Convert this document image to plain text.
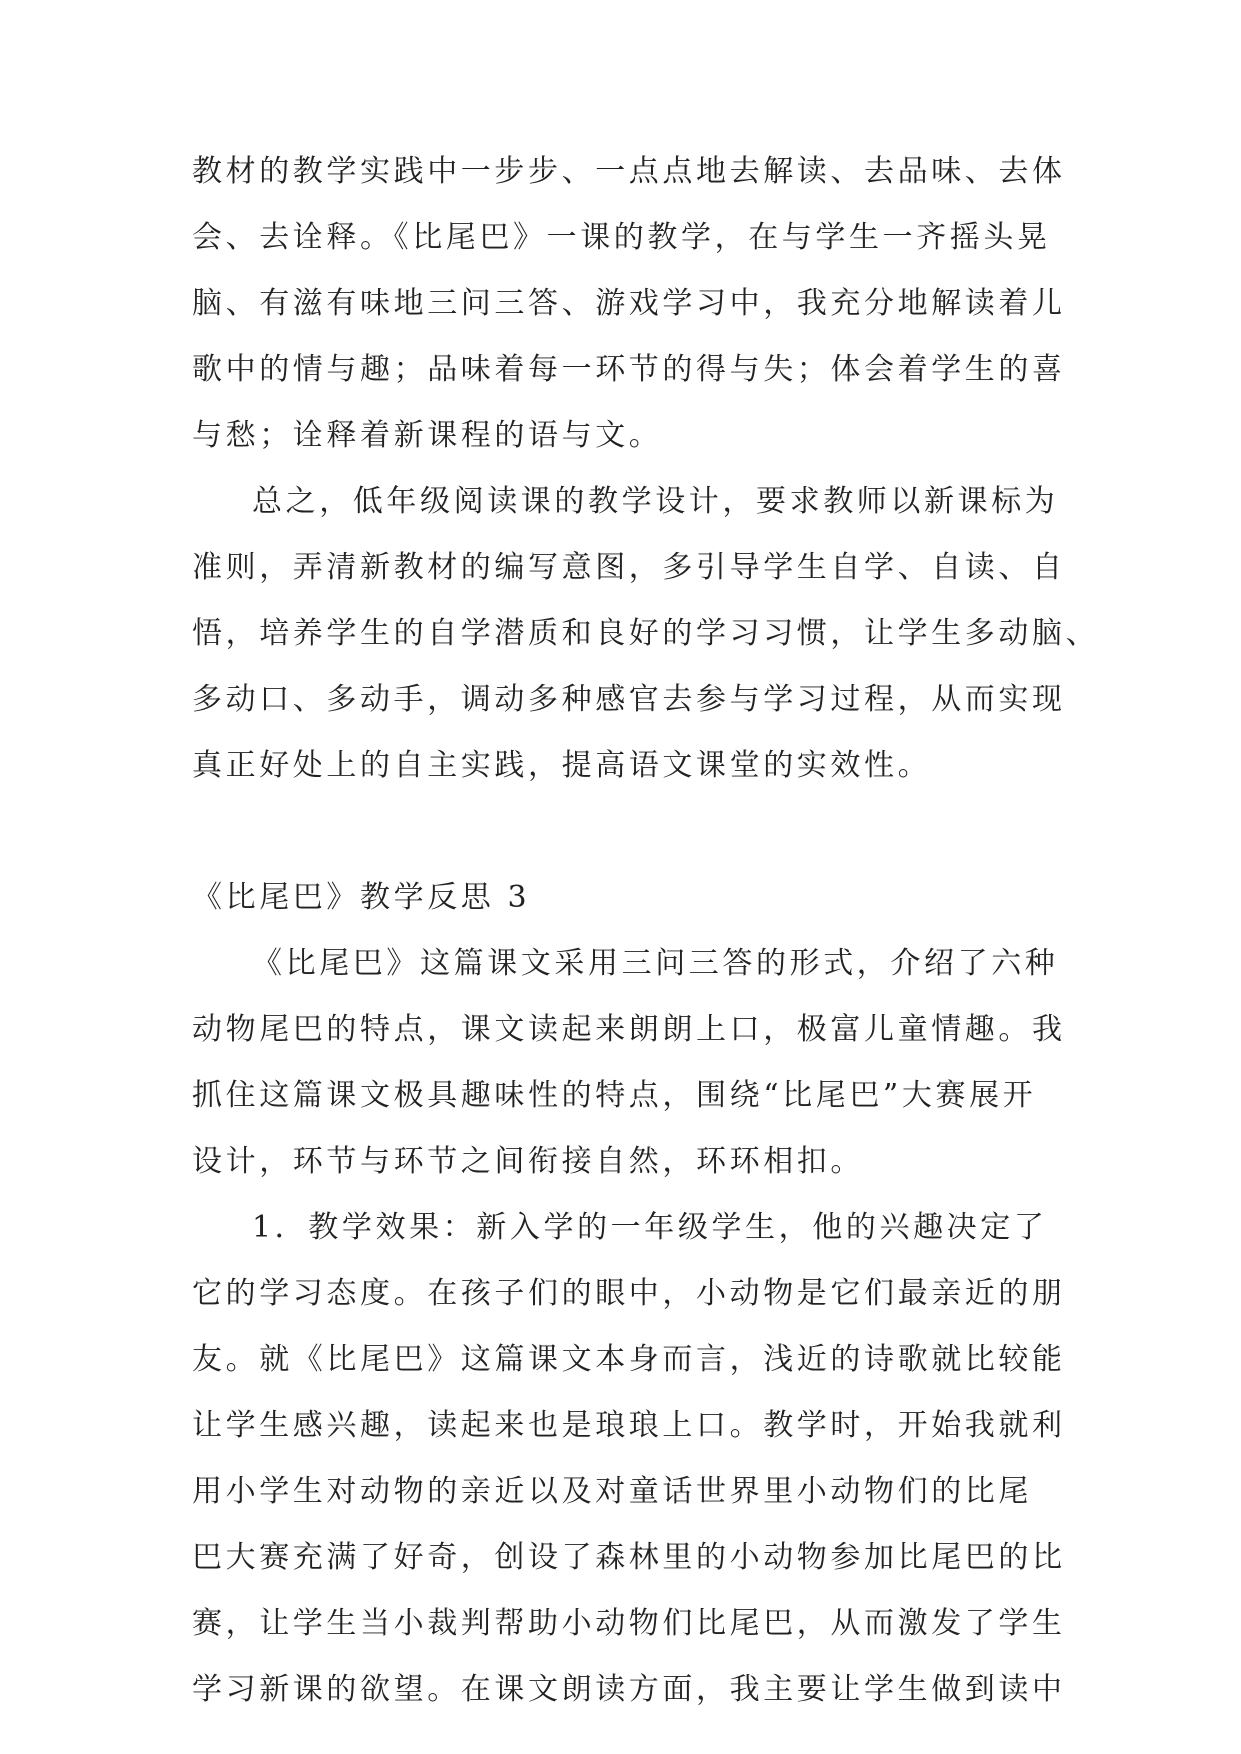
教材的教学实践中一步步、一点点地去解读、去品味、去体
会、去诠释。《比尾巴》一课的教学，在与学生一齐摇头晃
脑、有滋有味地三问三答、游戏学习中，我充分地解读着儿
歌中的情与趣；品味着每一环节的得与失；体会着学生的喜
与愁；诠释着新课程的语与文。
总之，低年级阅读课的教学设计，要求教师以新课标为
准则，弄清新教材的编写意图，多引导学生自学、自读、自
悟，培养学生的自学潜质和良好的学习习惯，让学生多动脑、
多动口、多动手，调动多种感官去参与学习过程，从而实现
真正好处上的自主实践，提高语文课堂的实效性。
《比尾巴》教学反思 3
《比尾巴》这篇课文采用三问三答的形式，介绍了六种
动物尾巴的特点，课文读起来朗朗上口，极富儿童情趣。我
抓住这篇课文极具趣味性的特点，围绕“比尾巴”大赛展开
设计，环节与环节之间衔接自然，环环相扣。
1．教学效果：新入学的一年级学生，他的兴趣决定了
它的学习态度。在孩子们的眼中，小动物是它们最亲近的朋
友。就《比尾巴》这篇课文本身而言，浅近的诗歌就比较能
让学生感兴趣，读起来也是琅琅上口。教学时，开始我就利
用小学生对动物的亲近以及对童话世界里小动物们的比尾
巴大赛充满了好奇，创设了森林里的小动物参加比尾巴的比
赛，让学生当小裁判帮助小动物们比尾巴，从而激发了学生
学习新课的欲望。在课文朗读方面，我主要让学生做到读中
